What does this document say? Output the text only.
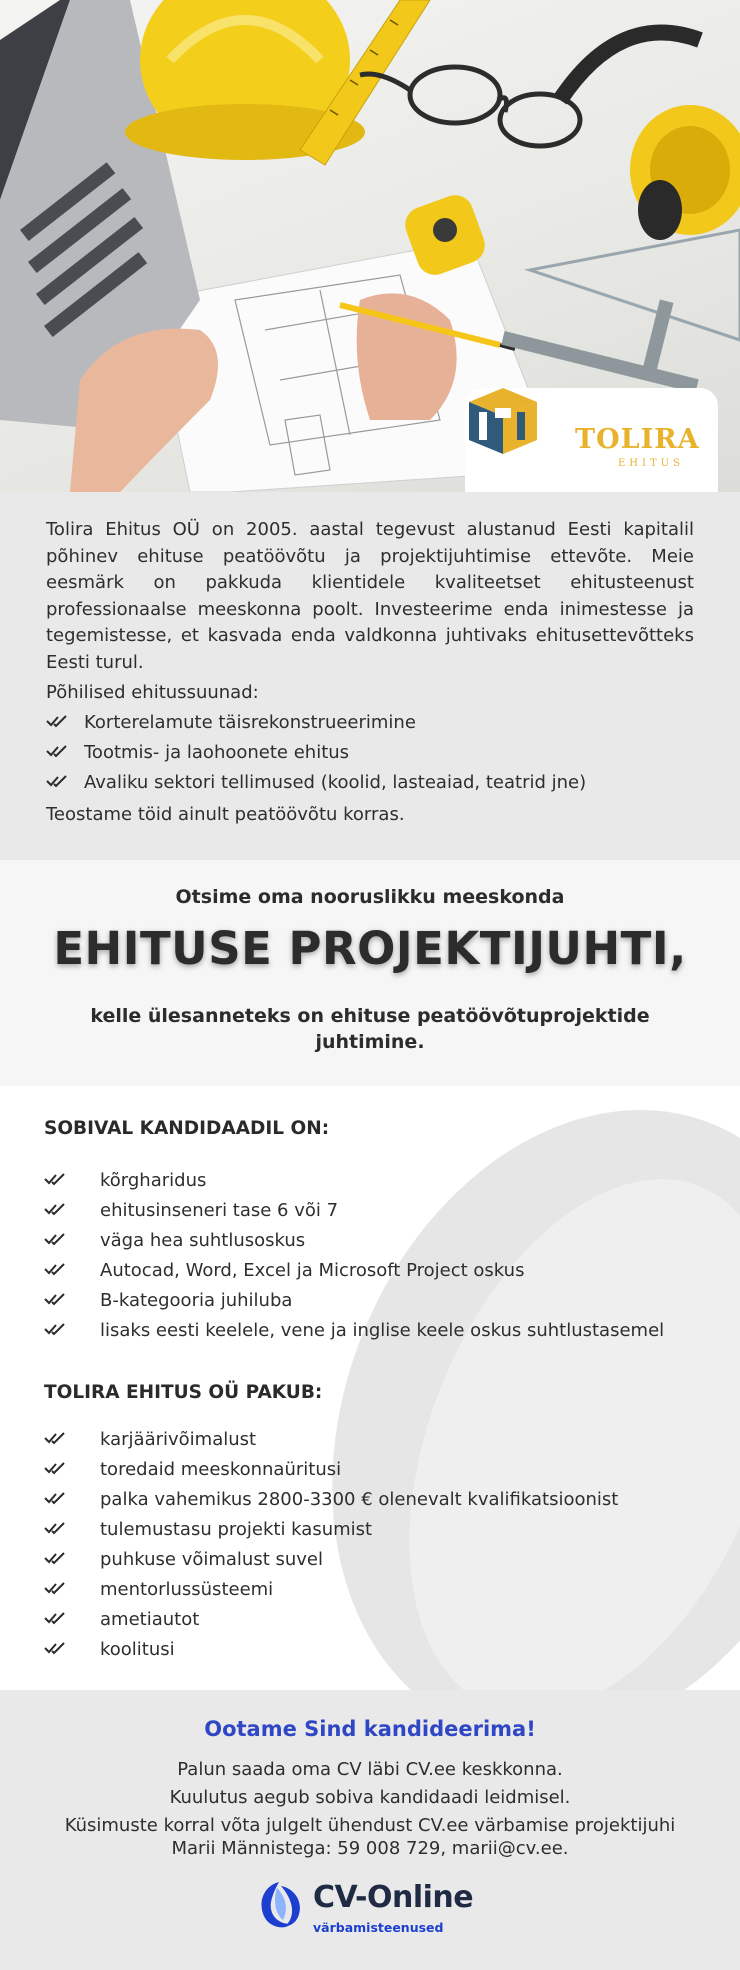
TOLIRA
EHITUS

Tolira Ehitus OÜ on 2005. aastal tegevust alustanud Eesti kapitalil põhinev ehituse peatöövõtu ja projektijuhtimise ettevõte. Meie eesmärk on pakkuda klientidele kvaliteetset ehitusteenust professionaalse meeskonna poolt. Investeerime enda inimestesse ja tegemistesse, et kasvada enda valdkonna juhtivaks ehitusettevõtteks Eesti turul.

Põhilised ehitussuunad:

Korterelamute täisrekonstrueerimine
Tootmis- ja laohoonete ehitus
Avaliku sektori tellimused (koolid, lasteaiad, teatrid jne)

Teostame töid ainult peatöövõtu korras.

Otsime oma nooruslikku meeskonda
EHITUSE PROJEKTIJUHTI,
kelle ülesanneteks on ehituse peatöövõtuprojektide juhtimine.
SOBIVAL KANDIDAADIL ON:
kõrgharidus
ehitusinseneri tase 6 või 7
väga hea suhtlusoskus
Autocad, Word, Excel ja Microsoft Project oskus
B-kategooria juhiluba
lisaks eesti keelele, vene ja inglise keele oskus suhtlustasemel
TOLIRA EHITUS OÜ PAKUB:
karjäärivõimalust
toredaid meeskonnaüritusi
palka vahemikus 2800-3300 € olenevalt kvalifikatsioonist
tulemustasu projekti kasumist
puhkuse võimalust suvel
mentorlussüsteemi
ametiautot
koolitusi
Ootame Sind kandideerima!
Palun saada oma CV läbi CV.ee keskkonna.
Kuulutus aegub sobiva kandidaadi leidmisel.
Küsimuste korral võta julgelt ühendust CV.ee värbamise projektijuhi Marii Männistega: 59 008 729, marii@cv.ee.
CV-Online
värbamisteenused
